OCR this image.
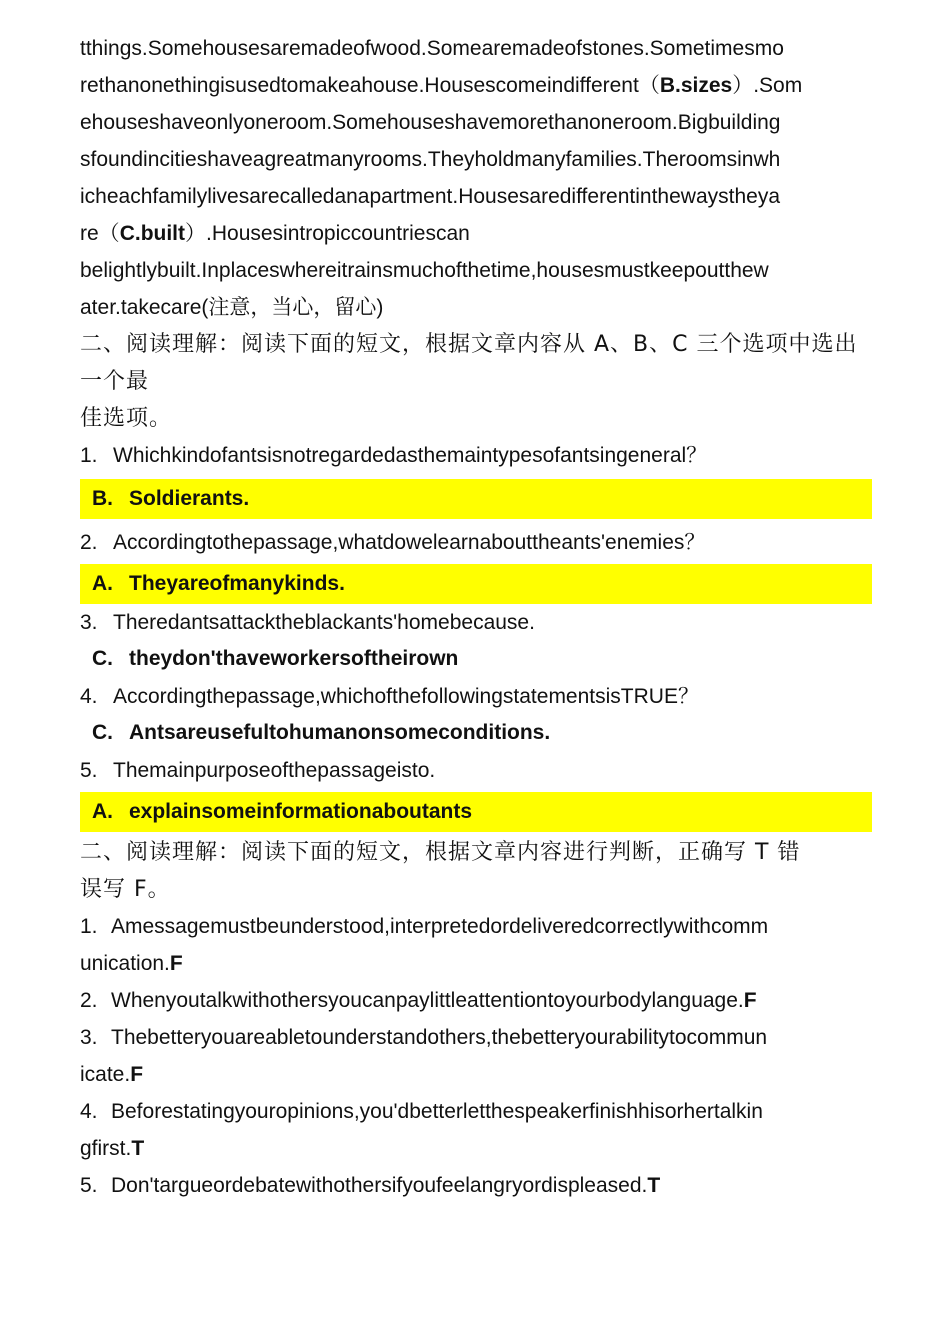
tthings.Somehousesaremadeofwood.Somearemadeofstones.Sometimesmo
rethanonethingisusedtomakeahouse.Housescomeindifferent（B.sizes）.Som
ehouseshaveonlyoneroom.Somehouseshavemorethanoneroom.Bigbuilding
sfoundincitieshaveagreatmanyrooms.Theyholdmanyfamilies.Theroomsinwh
icheachfamilylivesarecalledanapartment.Housesaredifferentinthewaystheya
re（C.built）.Housesintropiccountriescan
belightlybuilt.Inplaceswhereitrainsmuchofthetime,housesmustkeepoutthew
ater.takecare(注意，当心，留心)
二、阅读理解：阅读下面的短文，根据文章内容从 A、B、C 三个选项中选出一个最
佳选项。
1. Whichkindofantsisnotregardedasthemaintypesofantsingeneral？
B. Soldierants.
2. Accordingtothepassage,whatdowelearnabouttheants'enemies？
A. Theyareofmanykinds.
3. Theredantsattacktheblackants'homebecause.
C. theydon'thaveworkersoftheirown
4. Accordingthepassage,whichofthefollowingstatementsisTRUE？
C. Antsareusefultohumanonsomeconditions.
5. Themainpurposeofthepassageisto.
A. explainsomeinformationaboutants
二、阅读理解：阅读下面的短文，根据文章内容进行判断，正确写 T 错
误写 F。
1. Amessagemustbeunderstood,interpretedordeliveredcorrectlywithcomm
unication.F
2. Whenyoutalkwithothersyoucanpaylittleattentiontoyourbodylanguage.F
3. Thebetteryouareabletounderstandothers,thebetteryourabilitytocommun
icate.F
4. Beforestatingyouropinions,you'dbetterletthespeakerfinishhisorhertalkin
gfirst.T
5. Don'targueordebatewithothersifyoufeelangryordispleased.T
